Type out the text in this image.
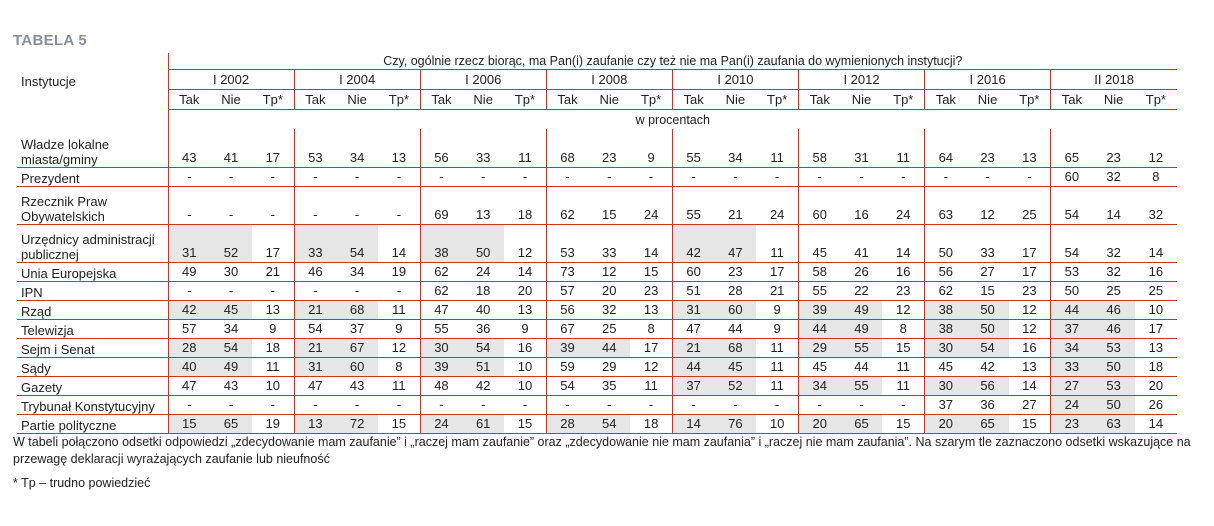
TABELA 5
Instytucje	Czy, ogólnie rzecz biorąc, ma Pan(i) zaufanie czy też nie ma Pan(i) zaufania do wymienionych instytucji?																							
	I 2002			I 2004			I 2006			I 2008			I 2010			I 2012			I 2016			II 2018		
	Tak	Nie	Tp*	Tak	Nie	Tp*	Tak	Nie	Tp*	Tak	Nie	Tp*	Tak	Nie	Tp*	Tak	Nie	Tp*	Tak	Nie	Tp*	Tak	Nie	Tp*
	w procentach																							
Władze lokalne
miasta/gminy	43	41	17	53	34	13	56	33	11	68	23	9	55	34	11	58	31	11	64	23	13	65	23	12
Prezydent	-	-	-	-	-	-	-	-	-	-	-	-	-	-	-	-	-	-	-	-	-	60	32	8
Rzecznik Praw
Obywatelskich	-	-	-	-	-	-	69	13	18	62	15	24	55	21	24	60	16	24	63	12	25	54	14	32
Urzędnicy administracji
publicznej	31	52	17	33	54	14	38	50	12	53	33	14	42	47	11	45	41	14	50	33	17	54	32	14
Unia Europejska	49	30	21	46	34	19	62	24	14	73	12	15	60	23	17	58	26	16	56	27	17	53	32	16
IPN	-	-	-	-	-	-	62	18	20	57	20	23	51	28	21	55	22	23	62	15	23	50	25	25
Rząd	42	45	13	21	68	11	47	40	13	56	32	13	31	60	9	39	49	12	38	50	12	44	46	10
Telewizja	57	34	9	54	37	9	55	36	9	67	25	8	47	44	9	44	49	8	38	50	12	37	46	17
Sejm i Senat	28	54	18	21	67	12	30	54	16	39	44	17	21	68	11	29	55	15	30	54	16	34	53	13
Sądy	40	49	11	31	60	8	39	51	10	59	29	12	44	45	11	45	44	11	45	42	13	33	50	18
Gazety	47	43	10	47	43	11	48	42	10	54	35	11	37	52	11	34	55	11	30	56	14	27	53	20
Trybunał Konstytucyjny	-	-	-	-	-	-	-	-	-	-	-	-	-	-	-	-	-	-	37	36	27	24	50	26
Partie polityczne	15	65	19	13	72	15	24	61	15	28	54	18	14	76	10	20	65	15	20	65	15	23	63	14
W tabeli połączono odsetki odpowiedzi „zdecydowanie mam zaufanie” i „raczej mam zaufanie” oraz „zdecydowanie nie mam zaufania” i „raczej nie mam zaufania”. Na szarym tle zaznaczono odsetki wskazujące na przewagę deklaracji wyrażających zaufanie lub nieufność
* Tp – trudno powiedzieć
